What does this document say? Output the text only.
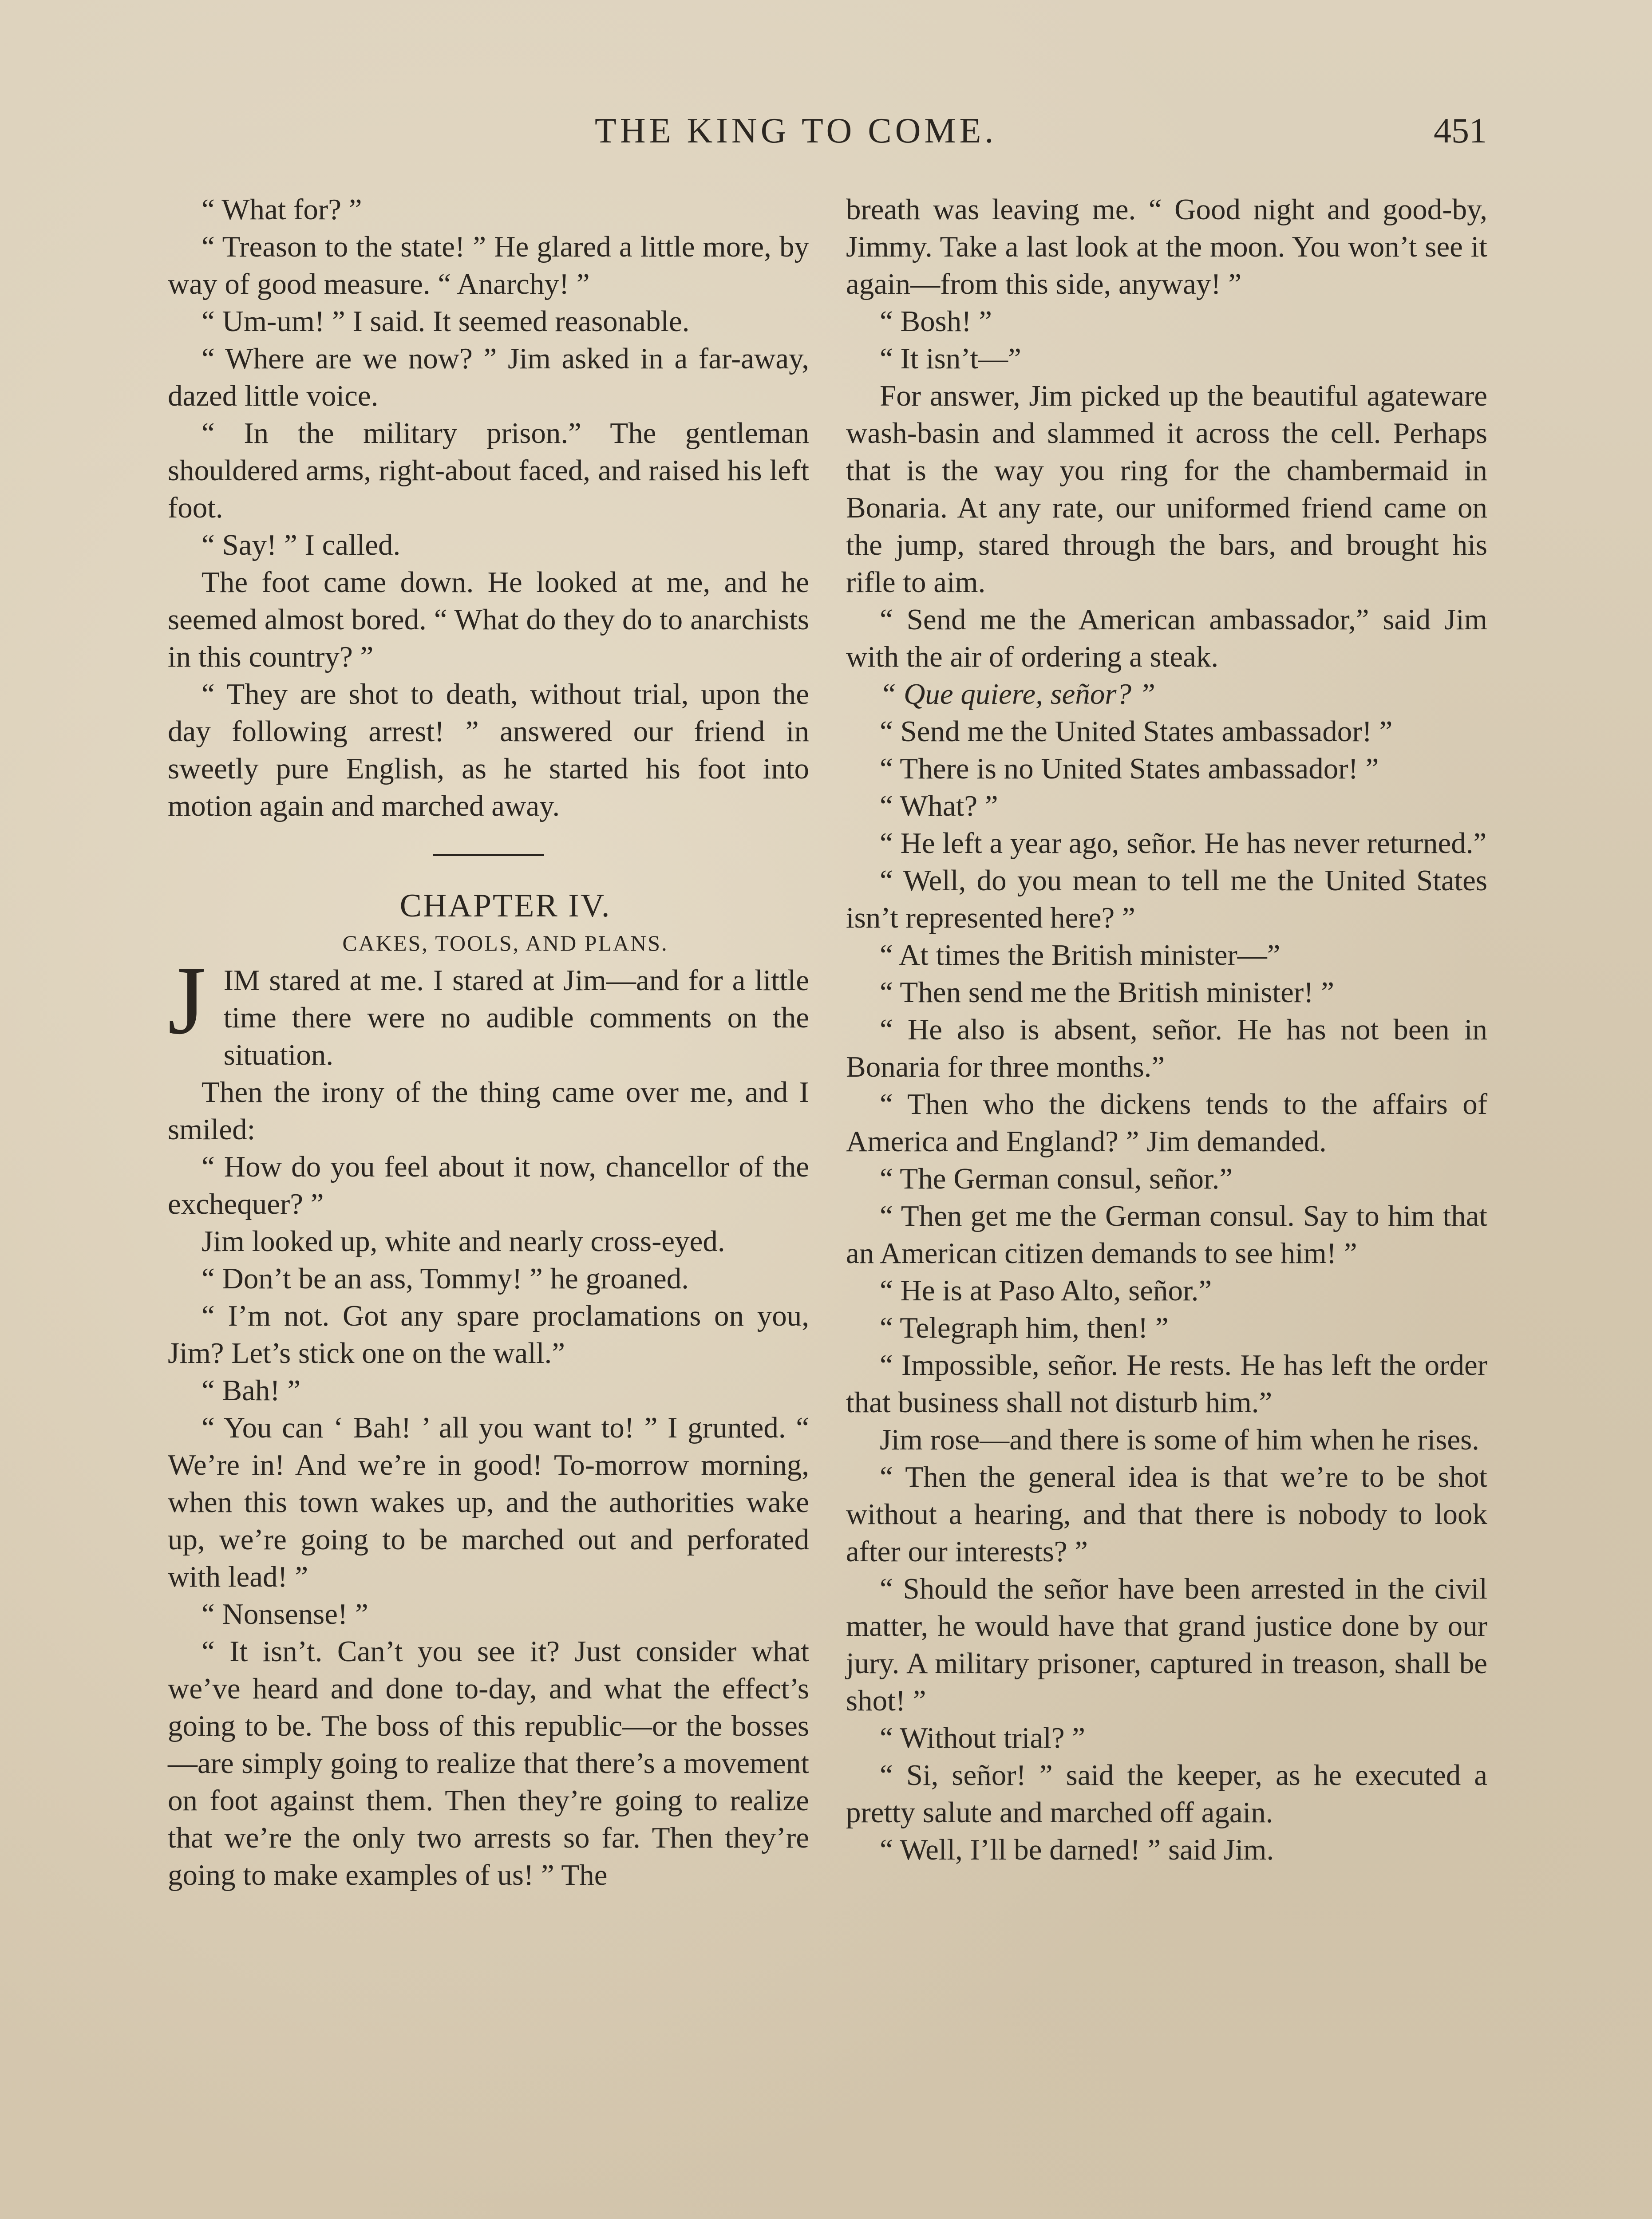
THE KING TO COME.	451

“ What for? ”

“ Treason to the state! ” He glared a little more, by way of good measure. “ Anarchy! ”

“ Um-um! ” I said. It seemed reasonable.

“ Where are we now? ” Jim asked in a far-away, dazed little voice.

“ In the military prison.” The gentleman shouldered arms, right-about faced, and raised his left foot.

“ Say! ” I called.

The foot came down. He looked at me, and he seemed almost bored. “ What do they do to anarchists in this country? ”

“ They are shot to death, without trial, upon the day following arrest! ” answered our friend in sweetly pure English, as he started his foot into motion again and marched away.

CHAPTER IV.

CAKES, TOOLS, AND PLANS.

JIM stared at me. I stared at Jim—and for a little time there were no audible comments on the situation.

Then the irony of the thing came over me, and I smiled:

“ How do you feel about it now, chancellor of the exchequer? ”

Jim looked up, white and nearly cross-eyed.

“ Don’t be an ass, Tommy! ” he groaned.

“ I’m not. Got any spare proclamations on you, Jim? Let’s stick one on the wall.”

“ Bah! ”

“ You can ‘ Bah! ’ all you want to! ” I grunted. “ We’re in! And we’re in good! To-morrow morning, when this town wakes up, and the authorities wake up, we’re going to be marched out and perforated with lead! ”

“ Nonsense! ”

“ It isn’t. Can’t you see it? Just consider what we’ve heard and done to-day, and what the effect’s going to be. The boss of this republic—or the bosses—are simply going to realize that there’s a movement on foot against them. Then they’re going to realize that we’re the only two arrests so far. Then they’re going to make examples of us! ” The

breath was leaving me. “ Good night and good-by, Jimmy. Take a last look at the moon. You won’t see it again—from this side, anyway! ”

“ Bosh! ”

“ It isn’t—”

For answer, Jim picked up the beautiful agateware wash-basin and slammed it across the cell. Perhaps that is the way you ring for the chambermaid in Bonaria. At any rate, our uniformed friend came on the jump, stared through the bars, and brought his rifle to aim.

“ Send me the American ambassador,” said Jim with the air of ordering a steak.

“ Que quiere, señor? ”

“ Send me the United States ambassador! ”

“ There is no United States ambassador! ”

“ What? ”

“ He left a year ago, señor. He has never returned.”

“ Well, do you mean to tell me the United States isn’t represented here? ”

“ At times the British minister—”

“ Then send me the British minister! ”

“ He also is absent, señor. He has not been in Bonaria for three months.”

“ Then who the dickens tends to the affairs of America and England? ” Jim demanded.

“ The German consul, señor.”

“ Then get me the German consul. Say to him that an American citizen demands to see him! ”

“ He is at Paso Alto, señor.”

“ Telegraph him, then! ”

“ Impossible, señor. He rests. He has left the order that business shall not disturb him.”

Jim rose—and there is some of him when he rises.

“ Then the general idea is that we’re to be shot without a hearing, and that there is nobody to look after our interests? ”

“ Should the señor have been arrested in the civil matter, he would have that grand justice done by our jury. A military prisoner, captured in treason, shall be shot! ”

“ Without trial? ”

“ Si, señor! ” said the keeper, as he executed a pretty salute and marched off again.

“ Well, I’ll be darned! ” said Jim.
